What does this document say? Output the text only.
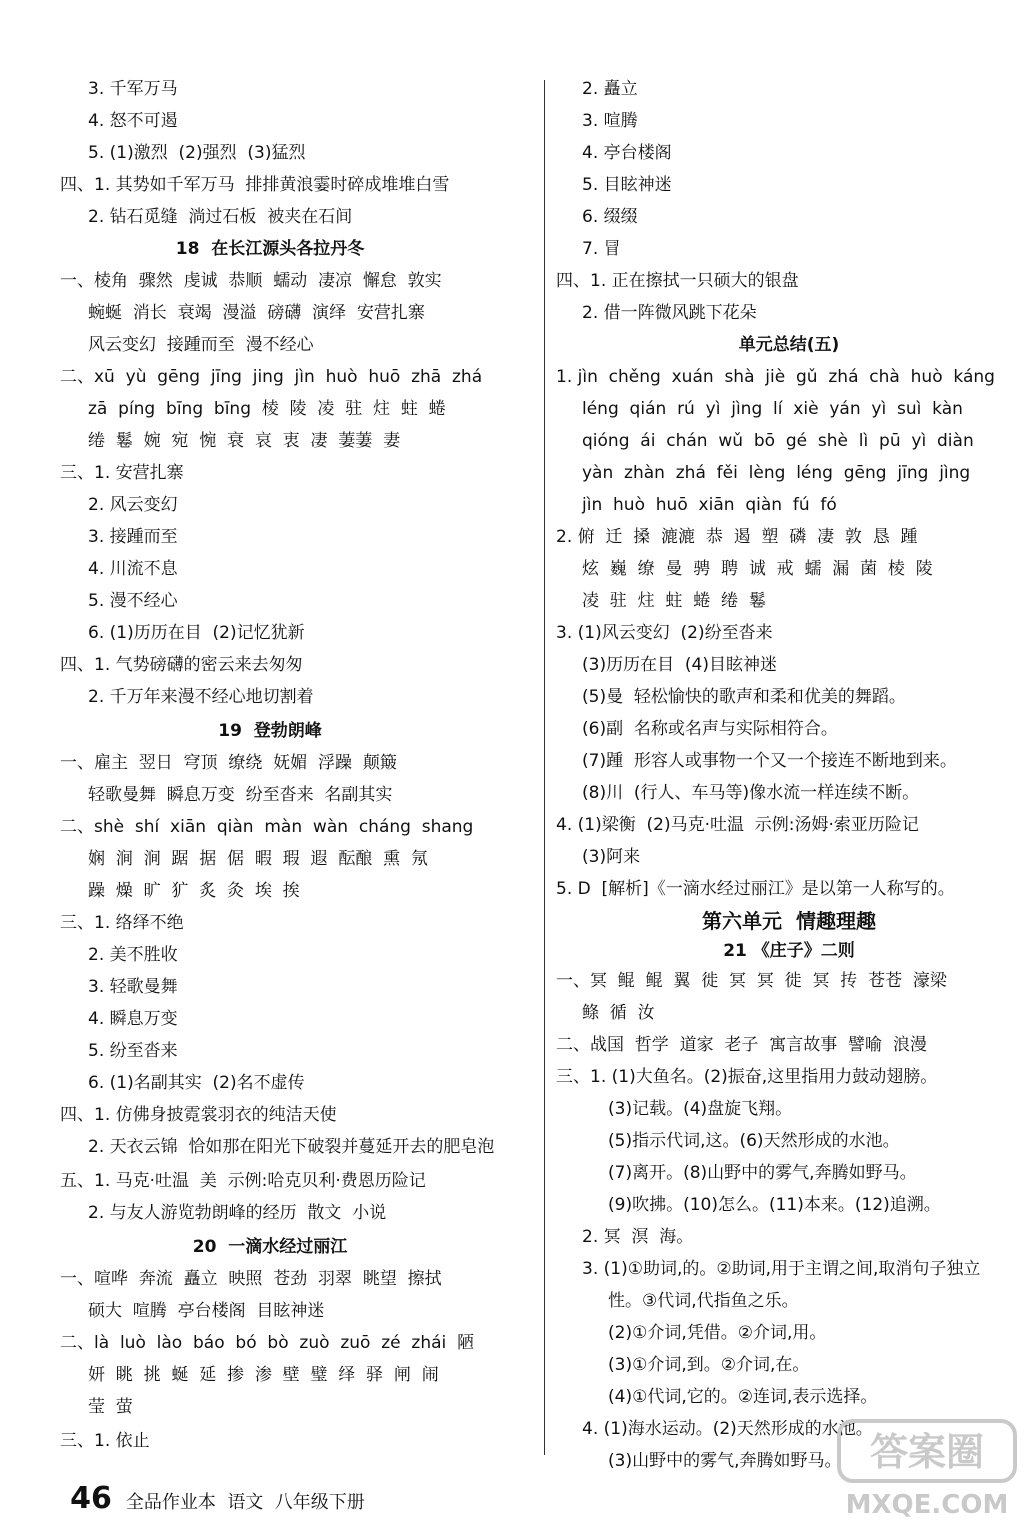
3. 千军万马
4. 怒不可遏
5. (1)激烈  (2)强烈  (3)猛烈
四、1. 其势如千军万马  排排黄浪霎时碎成堆堆白雪
2. 钻石觅缝  淌过石板  被夹在石间
18  在长江源头各拉丹冬
一、棱角  骤然  虔诚  恭顺  蠕动  凄凉  懈怠  敦实
蜿蜒  消长  衰竭  漫溢  磅礴  演绎  安营扎寨
风云变幻  接踵而至  漫不经心
二、xū  yù  gēng  jīng  jing  jìn  huò  huō  zhā  zhá
zā  píng  bīng  bīng  棱  陵  凌  驻  炷  蛀  蜷
绻  鬈  婉  宛  惋  衰  哀  衷  凄  萋萋  妻
三、1. 安营扎寨
2. 风云变幻
3. 接踵而至
4. 川流不息
5. 漫不经心
6. (1)历历在目  (2)记忆犹新
四、1. 气势磅礴的密云来去匆匆
2. 千万年来漫不经心地切割着
19  登勃朗峰
一、雇主  翌日  穹顶  缭绕  妩媚  浮躁  颠簸
轻歌曼舞  瞬息万变  纷至沓来  名副其实
二、shè  shí  xiān  qiàn  màn  wàn  cháng  shang
娴  涧  涧  踞  据  倨  暇  瑕  遐  酝酿  熏  氖
躁  燥  旷  犷  炙  灸  埃  挨
三、1. 络绎不绝
2. 美不胜收
3. 轻歌曼舞
4. 瞬息万变
5. 纷至沓来
6. (1)名副其实  (2)名不虚传
四、1. 仿佛身披霓裳羽衣的纯洁天使
2. 天衣云锦  恰如那在阳光下破裂并蔓延开去的肥皂泡
五、1. 马克·吐温  美  示例:哈克贝利·费恩历险记
2. 与友人游览勃朗峰的经历  散文  小说
20  一滴水经过丽江
一、喧哗  奔流  矗立  映照  苍劲  羽翠  眺望  擦拭
硕大  喧腾  亭台楼阁  目眩神迷
二、là  luò  lào  báo  bó  bò  zuò  zuō  zé  zhái  陋
妍  眺  挑  蜒  延  掺  渗  壁  璧  绎  驿  闸  闹
莹  萤
三、1. 依止
2. 矗立
3. 喧腾
4. 亭台楼阁
5. 目眩神迷
6. 缀缀
7. 冒
四、1. 正在擦拭一只硕大的银盘
2. 借一阵微风跳下花朵
单元总结(五)
1. jìn  chěng  xuán  shà  jiè  gǔ  zhá  chà  huò  káng
léng  qián  rú  yì  jìng  lí  xiè  yán  yì  suì  kàn
qióng  ái  chán  wǔ  bō  gé  shè  lì  pū  yì  diàn
yàn  zhàn  zhá  fěi  lèng  léng  gēng  jīng  jìng
jìn  huò  huō  xiān  qiàn  fú  fó
2. 俯  迁  搡  漉漉  恭  遏  塑  磷  凄  敦  恳  踵
炫  巍  缭  曼  骋  聘  诚  戒  蠕  漏  菌  棱  陵
凌  驻  炷  蛀  蜷  绻  鬈
3. (1)风云变幻  (2)纷至沓来
(3)历历在目  (4)目眩神迷
(5)曼  轻松愉快的歌声和柔和优美的舞蹈。
(6)副  名称或名声与实际相符合。
(7)踵  形容人或事物一个又一个接连不断地到来。
(8)川  (行人、车马等)像水流一样连续不断。
4. (1)梁衡  (2)马克·吐温  示例:汤姆·索亚历险记
(3)阿来
5. D  [解析]《一滴水经过丽江》是以第一人称写的。
第六单元  情趣理趣
21 《庄子》二则
一、冥  鲲  鲲  翼  徙  冥  冥  徙  冥  抟  苍苍  濠梁
鲦  循  汝
二、战国  哲学  道家  老子  寓言故事  譬喻  浪漫
三、1. (1)大鱼名。(2)振奋,这里指用力鼓动翅膀。
(3)记载。(4)盘旋飞翔。
(5)指示代词,这。(6)天然形成的水池。
(7)离开。(8)山野中的雾气,奔腾如野马。
(9)吹拂。(10)怎么。(11)本来。(12)追溯。
2. 冥  溟  海。
3. (1)①助词,的。②助词,用于主谓之间,取消句子独立
性。③代词,代指鱼之乐。
(2)①介词,凭借。②介词,用。
(3)①介词,到。②介词,在。
(4)①代词,它的。②连词,表示选择。
4. (1)海水运动。(2)天然形成的水池。
(3)山野中的雾气,奔腾如野马。

46 全品作业本  语文  八年级下册

答案圈
MXQE.COM
